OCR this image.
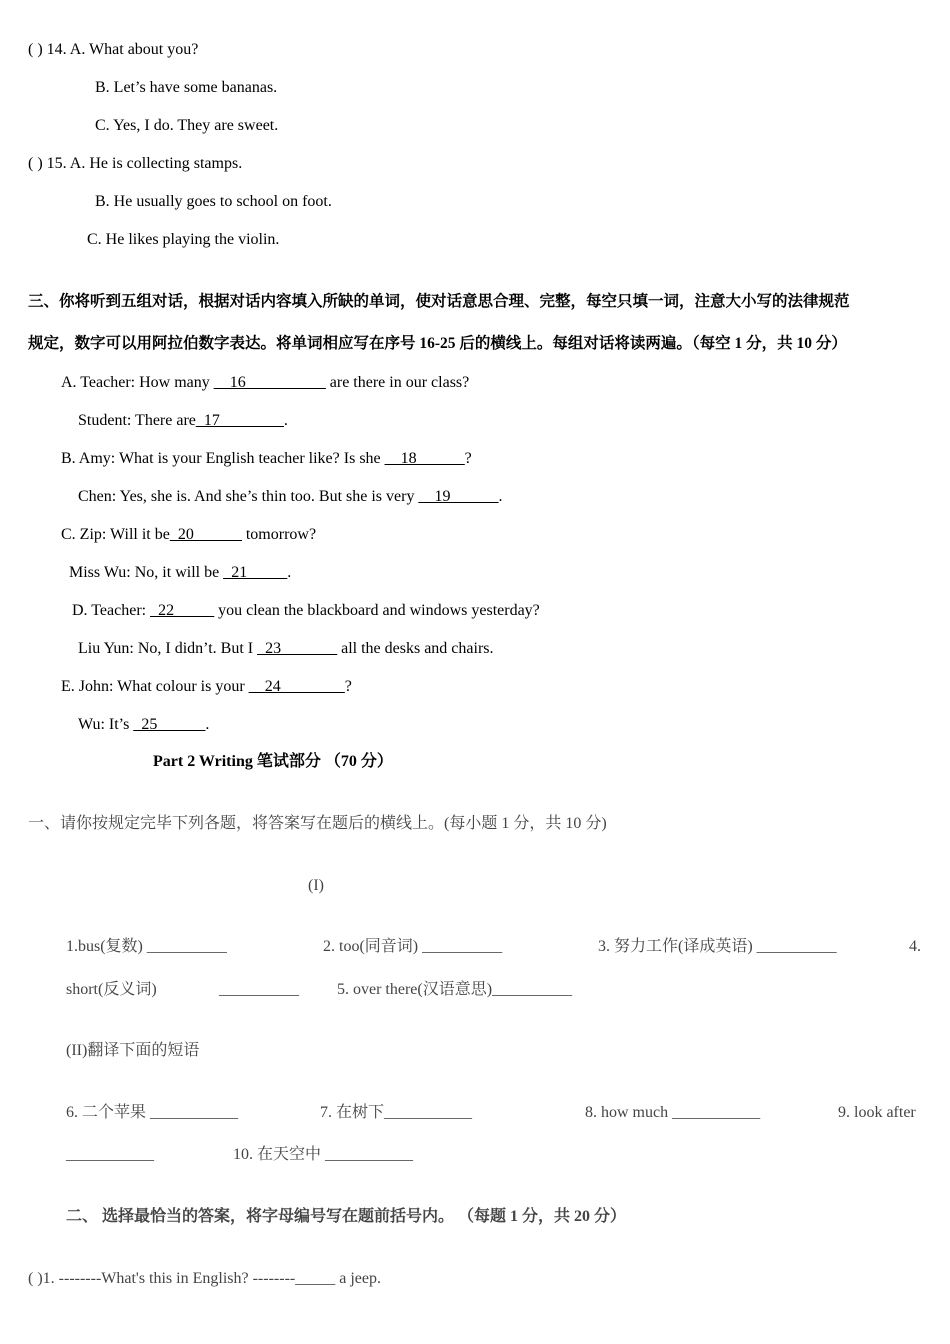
( ) 14. A. What about you?
B. Let’s have some bananas.
C. Yes, I do. They are sweet.
( ) 15. A. He is collecting stamps.
B. He usually goes to school on foot.
C. He likes playing the violin.
三、你将听到五组对话，根据对话内容填入所缺的单词，使对话意思合理、完整，每空只填一词，注意大小写的法律规范
规定，数字可以用阿拉伯数字表达。将单词相应写在序号 16-25 后的横线上。每组对话将读两遍。（每空 1 分，共 10 分）
A. Teacher: How many __16__________ are there in our class?
Student: There are_17________.
B. Amy: What is your English teacher like? Is she __18______?
Chen: Yes, she is. And she’s thin too. But she is very __19______.
C. Zip: Will it be_20______ tomorrow?
Miss Wu: No, it will be _21_____.
D. Teacher: _22_____ you clean the blackboard and windows yesterday?
Liu Yun: No, I didn’t. But I _23_______ all the desks and chairs.
E. John: What colour is your __24________?
Wu: It’s _25______.
Part 2 Writing 笔试部分 （70 分）
一、请你按规定完毕下列各题，将答案写在题后的横线上。(每小题 1 分，共 10 分)
(I)
1.bus(复数) __________	2. too(同音词) __________	3. 努力工作(译成英语) __________	4.
short(反义词)	__________ 5. over there(汉语意思)__________
(II)翻译下面的短语
6. 二个苹果 ___________	7. 在树下___________	8. how much ___________	9. look after
___________	10. 在天空中 ___________
二、 选择最恰当的答案，将字母编号写在题前括号内。 （每题 1 分，共 20 分）
( )1. --------What's this in English? --------_____ a jeep.
